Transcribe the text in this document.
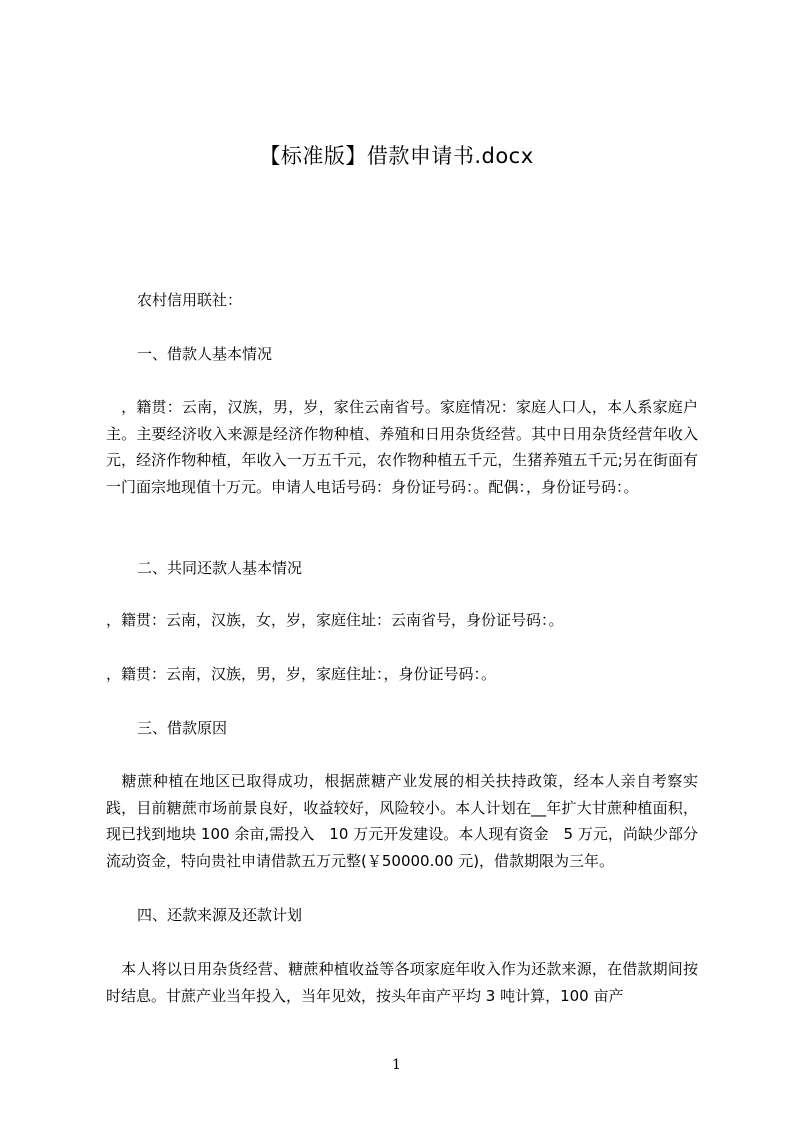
【标准版】借款申请书.docx

农村信用联社：

一、借款人基本情况

　，籍贯：云南，汉族，男，岁，家住云南省号。家庭情况：家庭人口人，本人系家庭户主。主要经济收入来源是经济作物种植、养殖和日用杂货经营。其中日用杂货经营年收入元，经济作物种植，年收入一万五千元，农作物种植五千元，生猪养殖五千元;另在街面有一门面宗地现值十万元。申请人电话号码：身份证号码：。配偶：，身份证号码：。

二、共同还款人基本情况

，籍贯：云南，汉族，女，岁，家庭住址：云南省号，身份证号码：。

，籍贯：云南，汉族，男，岁，家庭住址：，身份证号码：。

三、借款原因

　糖蔗种植在地区已取得成功，根据蔗糖产业发展的相关扶持政策，经本人亲自考察实践，目前糖蔗市场前景良好，收益较好，风险较小。本人计划在__年扩大甘蔗种植面积，现已找到地块 100 余亩,需投入　10 万元开发建设。本人现有资金　5 万元，尚缺少部分流动资金，特向贵社申请借款五万元整(￥50000.00 元)，借款期限为三年。

四、还款来源及还款计划

　本人将以日用杂货经营、糖蔗种植收益等各项家庭年收入作为还款来源，在借款期间按时结息。甘蔗产业当年投入，当年见效，按头年亩产平均 3 吨计算，100 亩产

1
